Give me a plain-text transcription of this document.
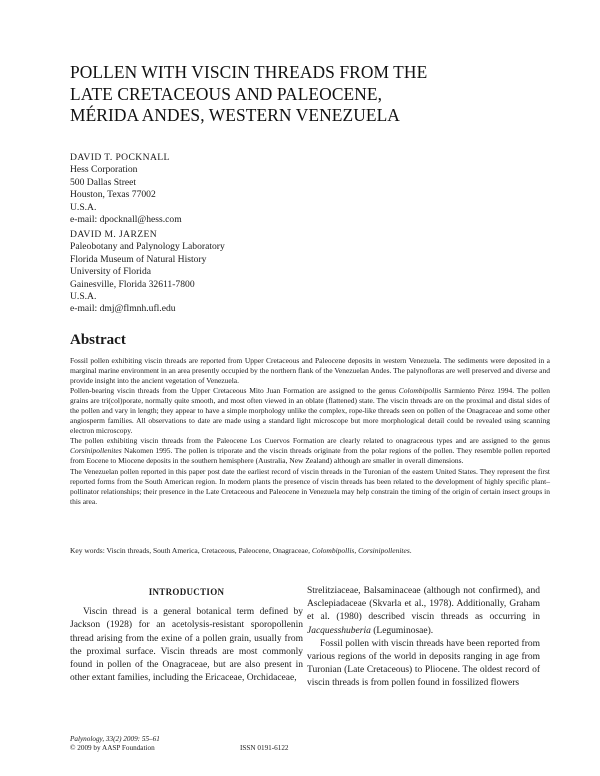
POLLEN WITH VISCIN THREADS FROM THE
LATE CRETACEOUS AND PALEOCENE,
MÉRIDA ANDES, WESTERN VENEZUELA
DAVID T. POCKNALL
Hess Corporation
500 Dallas Street
Houston, Texas 77002
U.S.A.
e-mail: dpocknall@hess.com
DAVID M. JARZEN
Paleobotany and Palynology Laboratory
Florida Museum of Natural History
University of Florida
Gainesville, Florida 32611-7800
U.S.A.
e-mail: dmj@flmnh.ufl.edu
Abstract

Fossil pollen exhibiting viscin threads are reported from Upper Cretaceous and Paleocene deposits in western Venezuela. The sediments were deposited in a marginal marine environment in an area presently occupied by the northern flank of the Venezuelan Andes. The palynofloras are well preserved and diverse and provide insight into the ancient vegetation of Venezuela.

Pollen-bearing viscin threads from the Upper Cretaceous Mito Juan Formation are assigned to the genus Colombipollis Sarmiento Pérez 1994. The pollen grains are tri(col)porate, normally quite smooth, and most often viewed in an oblate (flattened) state. The viscin threads are on the proximal and distal sides of the pollen and vary in length; they appear to have a simple morphology unlike the complex, rope-like threads seen on pollen of the Onagraceae and some other angiosperm families. All observations to date are made using a standard light microscope but more morphological detail could be revealed using scanning electron microscopy.

The pollen exhibiting viscin threads from the Paleocene Los Cuervos Formation are clearly related to onagraceous types and are assigned to the genus Corsinipollenites Nakomen 1995. The pollen is triporate and the viscin threads originate from the polar regions of the pollen. They resemble pollen reported from Eocene to Miocene deposits in the southern hemisphere (Australia, New Zealand) although are smaller in overall dimensions.

The Venezuelan pollen reported in this paper post date the earliest record of viscin threads in the Turonian of the eastern United States. They represent the first reported forms from the South American region. In modern plants the presence of viscin threads has been related to the development of highly specific plant–pollinator relationships; their presence in the Late Cretaceous and Paleocene in Venezuela may help constrain the timing of the origin of certain insect groups in this area.

Key words: Viscin threads, South America, Cretaceous, Paleocene, Onagraceae, Colombipollis, Corsinipollenites.
INTRODUCTION

Viscin thread is a general botanical term defined by Jackson (1928) for an acetolysis-resistant sporopollenin thread arising from the exine of a pollen grain, usually from the proximal surface. Viscin threads are most commonly found in pollen of the Onagraceae, but are also present in other extant families, including the Ericaceae, Orchidaceae,

Strelitziaceae, Balsaminaceae (although not confirmed), and Asclepiadaceae (Skvarla et al., 1978). Additionally, Graham et al. (1980) described viscin threads as occurring in Jacquesshuberia (Leguminosae).

Fossil pollen with viscin threads have been reported from various regions of the world in deposits ranging in age from Turonian (Late Cretaceous) to Pliocene. The oldest record of viscin threads is from pollen found in fossilized flowers

Palynology, 33(2) 2009: 55–61
© 2009 by AASP Foundation	ISSN 0191-6122
